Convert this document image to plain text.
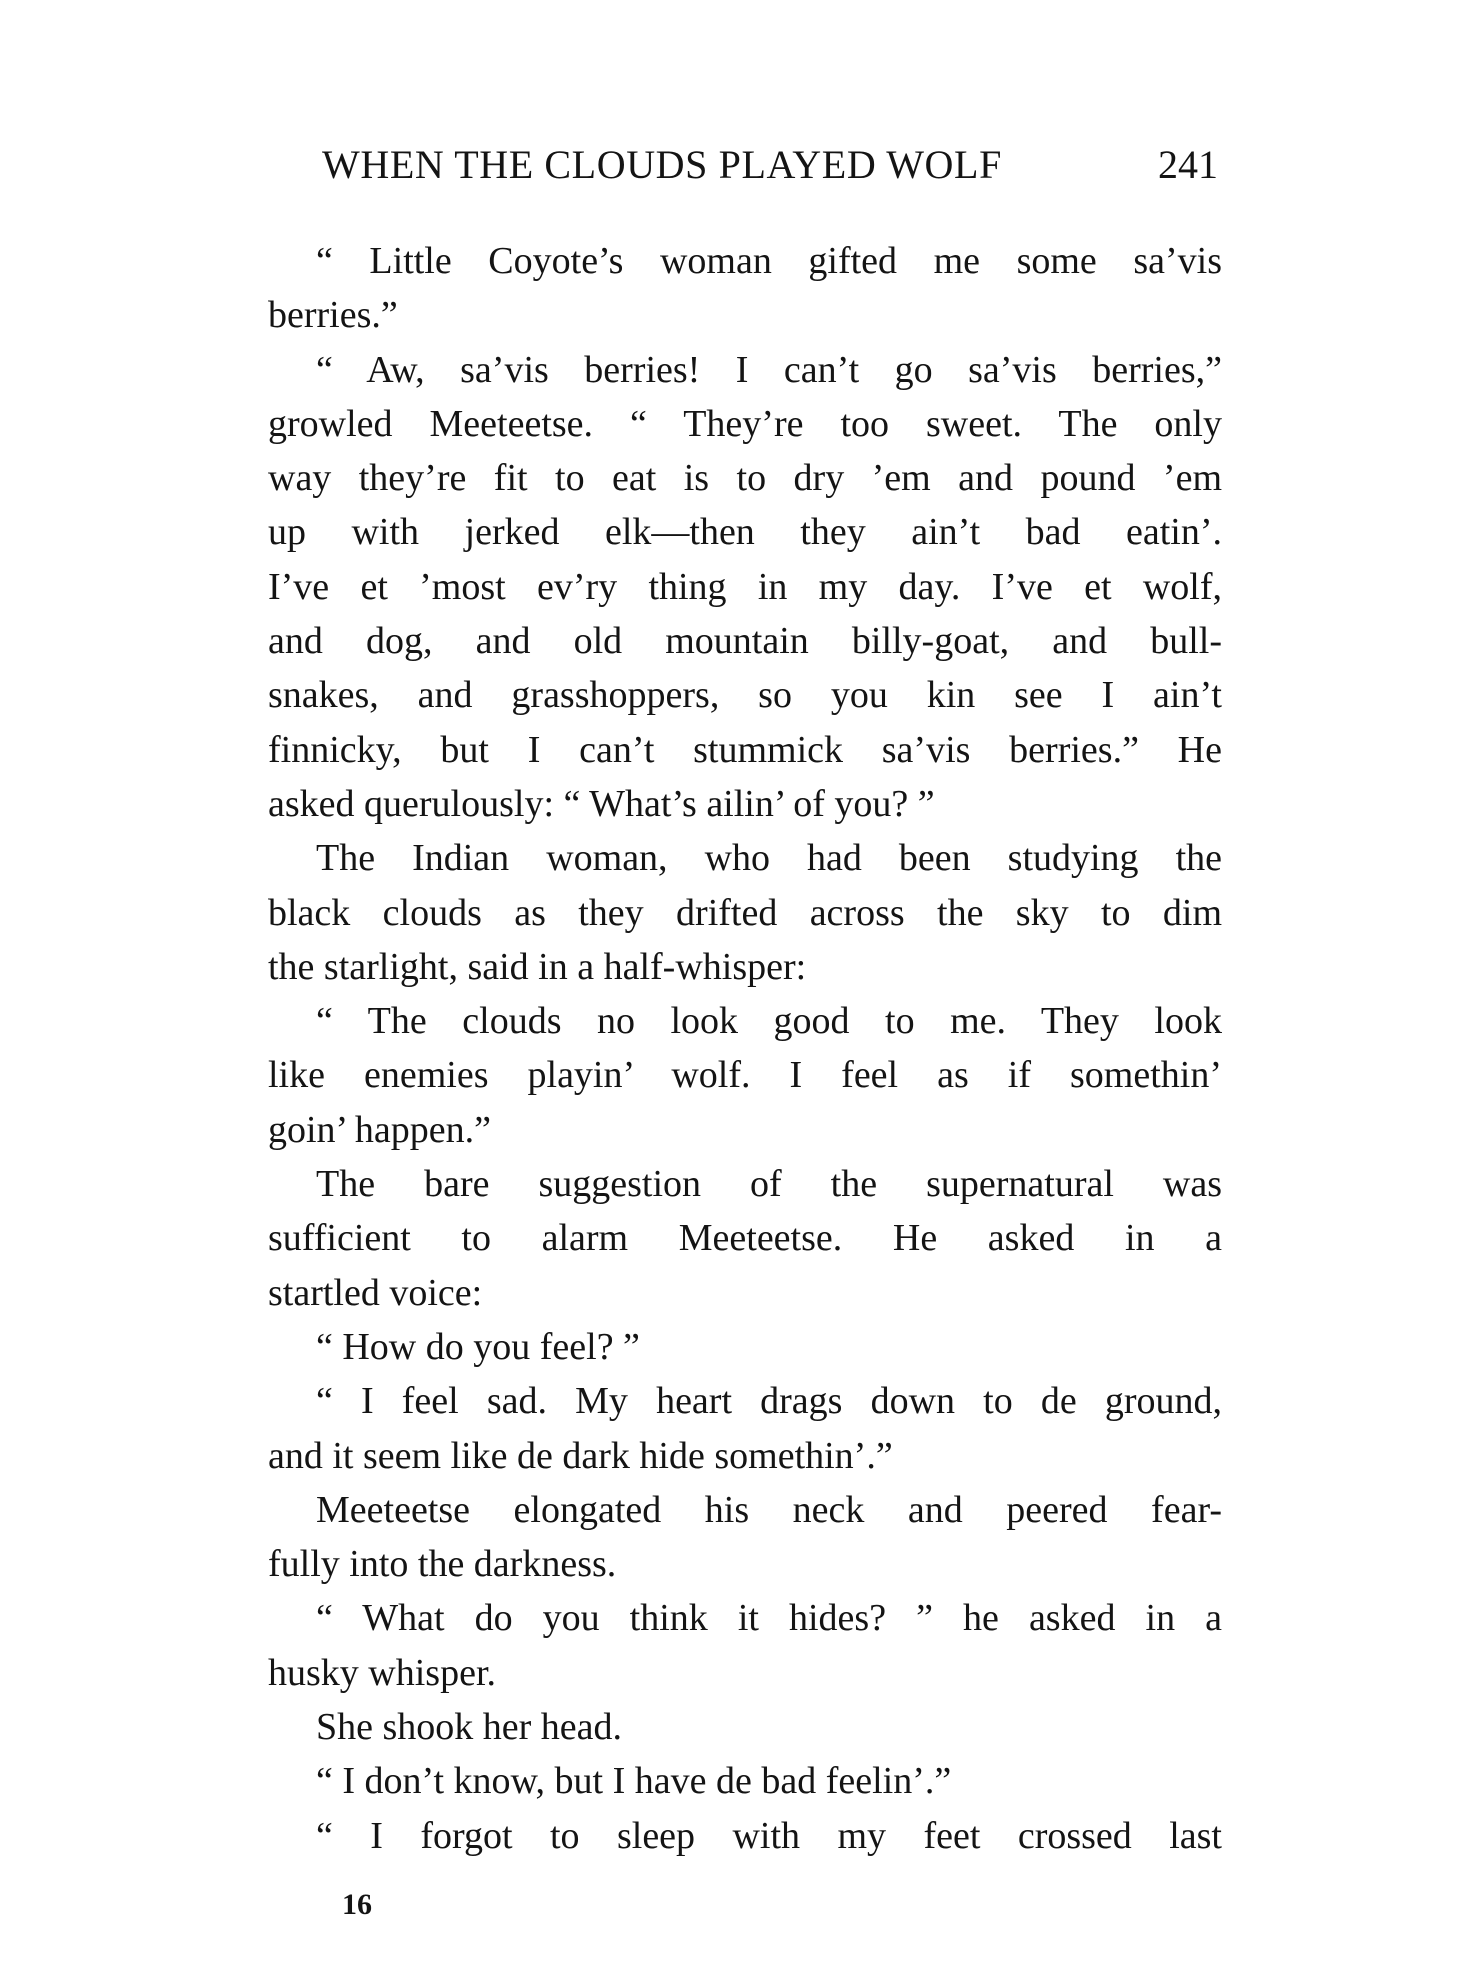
WHEN THE CLOUDS PLAYED WOLF	241
“ Little Coyote’s woman gifted me some sa’vis
berries.”
“ Aw, sa’vis berries! I can’t go sa’vis berries,”
growled Meeteetse. “ They’re too sweet. The only
way they’re fit to eat is to dry ’em and pound ’em
up with jerked elk—then they ain’t bad eatin’.
I’ve et ’most ev’ry thing in my day. I’ve et wolf,
and dog, and old mountain billy-goat, and bull-
snakes, and grasshoppers, so you kin see I ain’t
finnicky, but I can’t stummick sa’vis berries.” He
asked querulously: “ What’s ailin’ of you? ”
The Indian woman, who had been studying the
black clouds as they drifted across the sky to dim
the starlight, said in a half-whisper:
“ The clouds no look good to me. They look
like enemies playin’ wolf. I feel as if somethin’
goin’ happen.”
The bare suggestion of the supernatural was
sufficient to alarm Meeteetse. He asked in a
startled voice:
“ How do you feel? ”
“ I feel sad. My heart drags down to de ground,
and it seem like de dark hide somethin’.”
Meeteetse elongated his neck and peered fear-
fully into the darkness.
“ What do you think it hides? ” he asked in a
husky whisper.
She shook her head.
“ I don’t know, but I have de bad feelin’.”
“ I forgot to sleep with my feet crossed last
16
